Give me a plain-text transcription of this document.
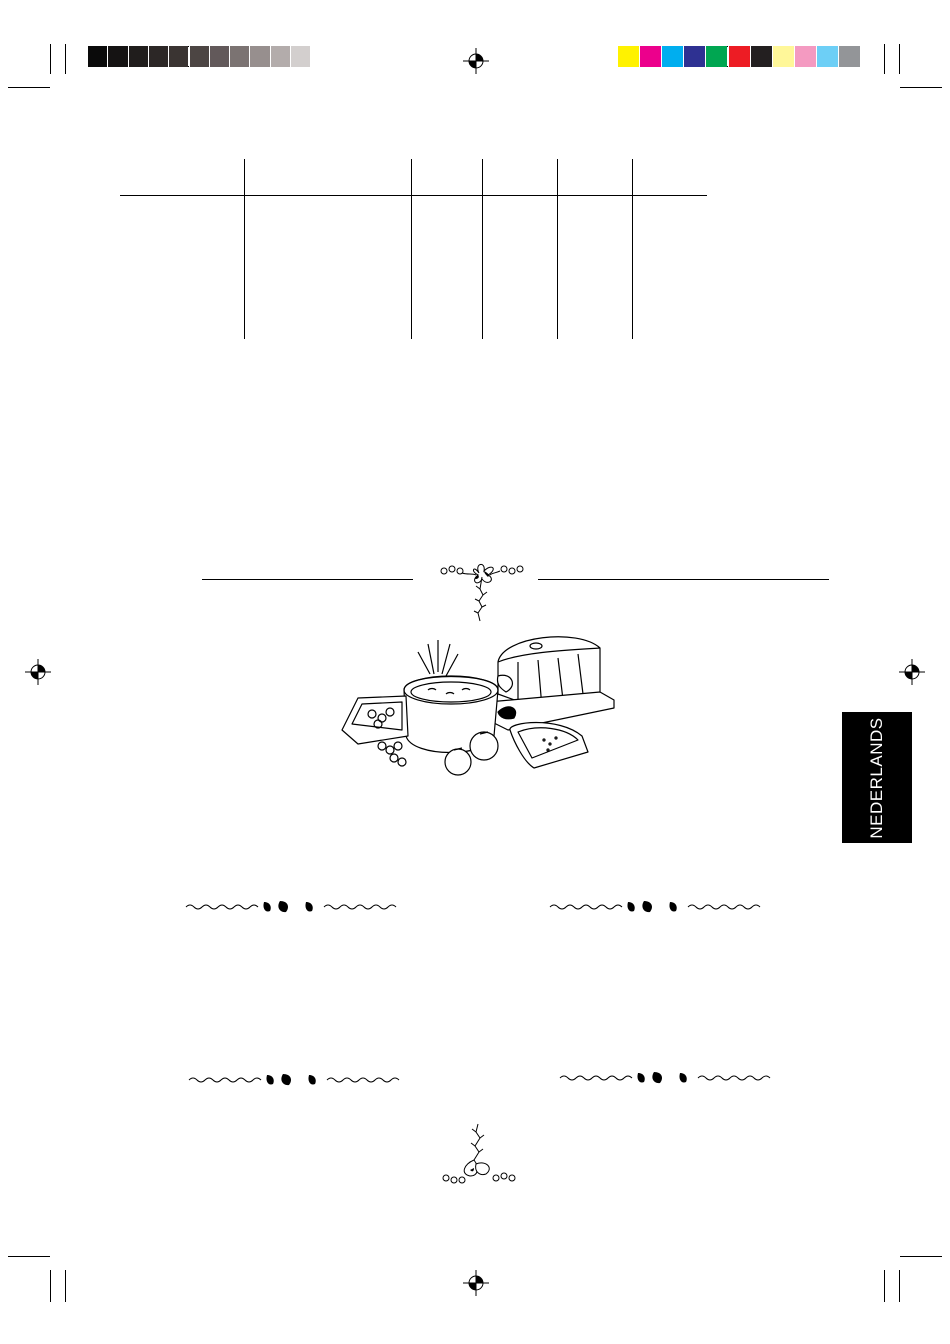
NEDERLANDS
